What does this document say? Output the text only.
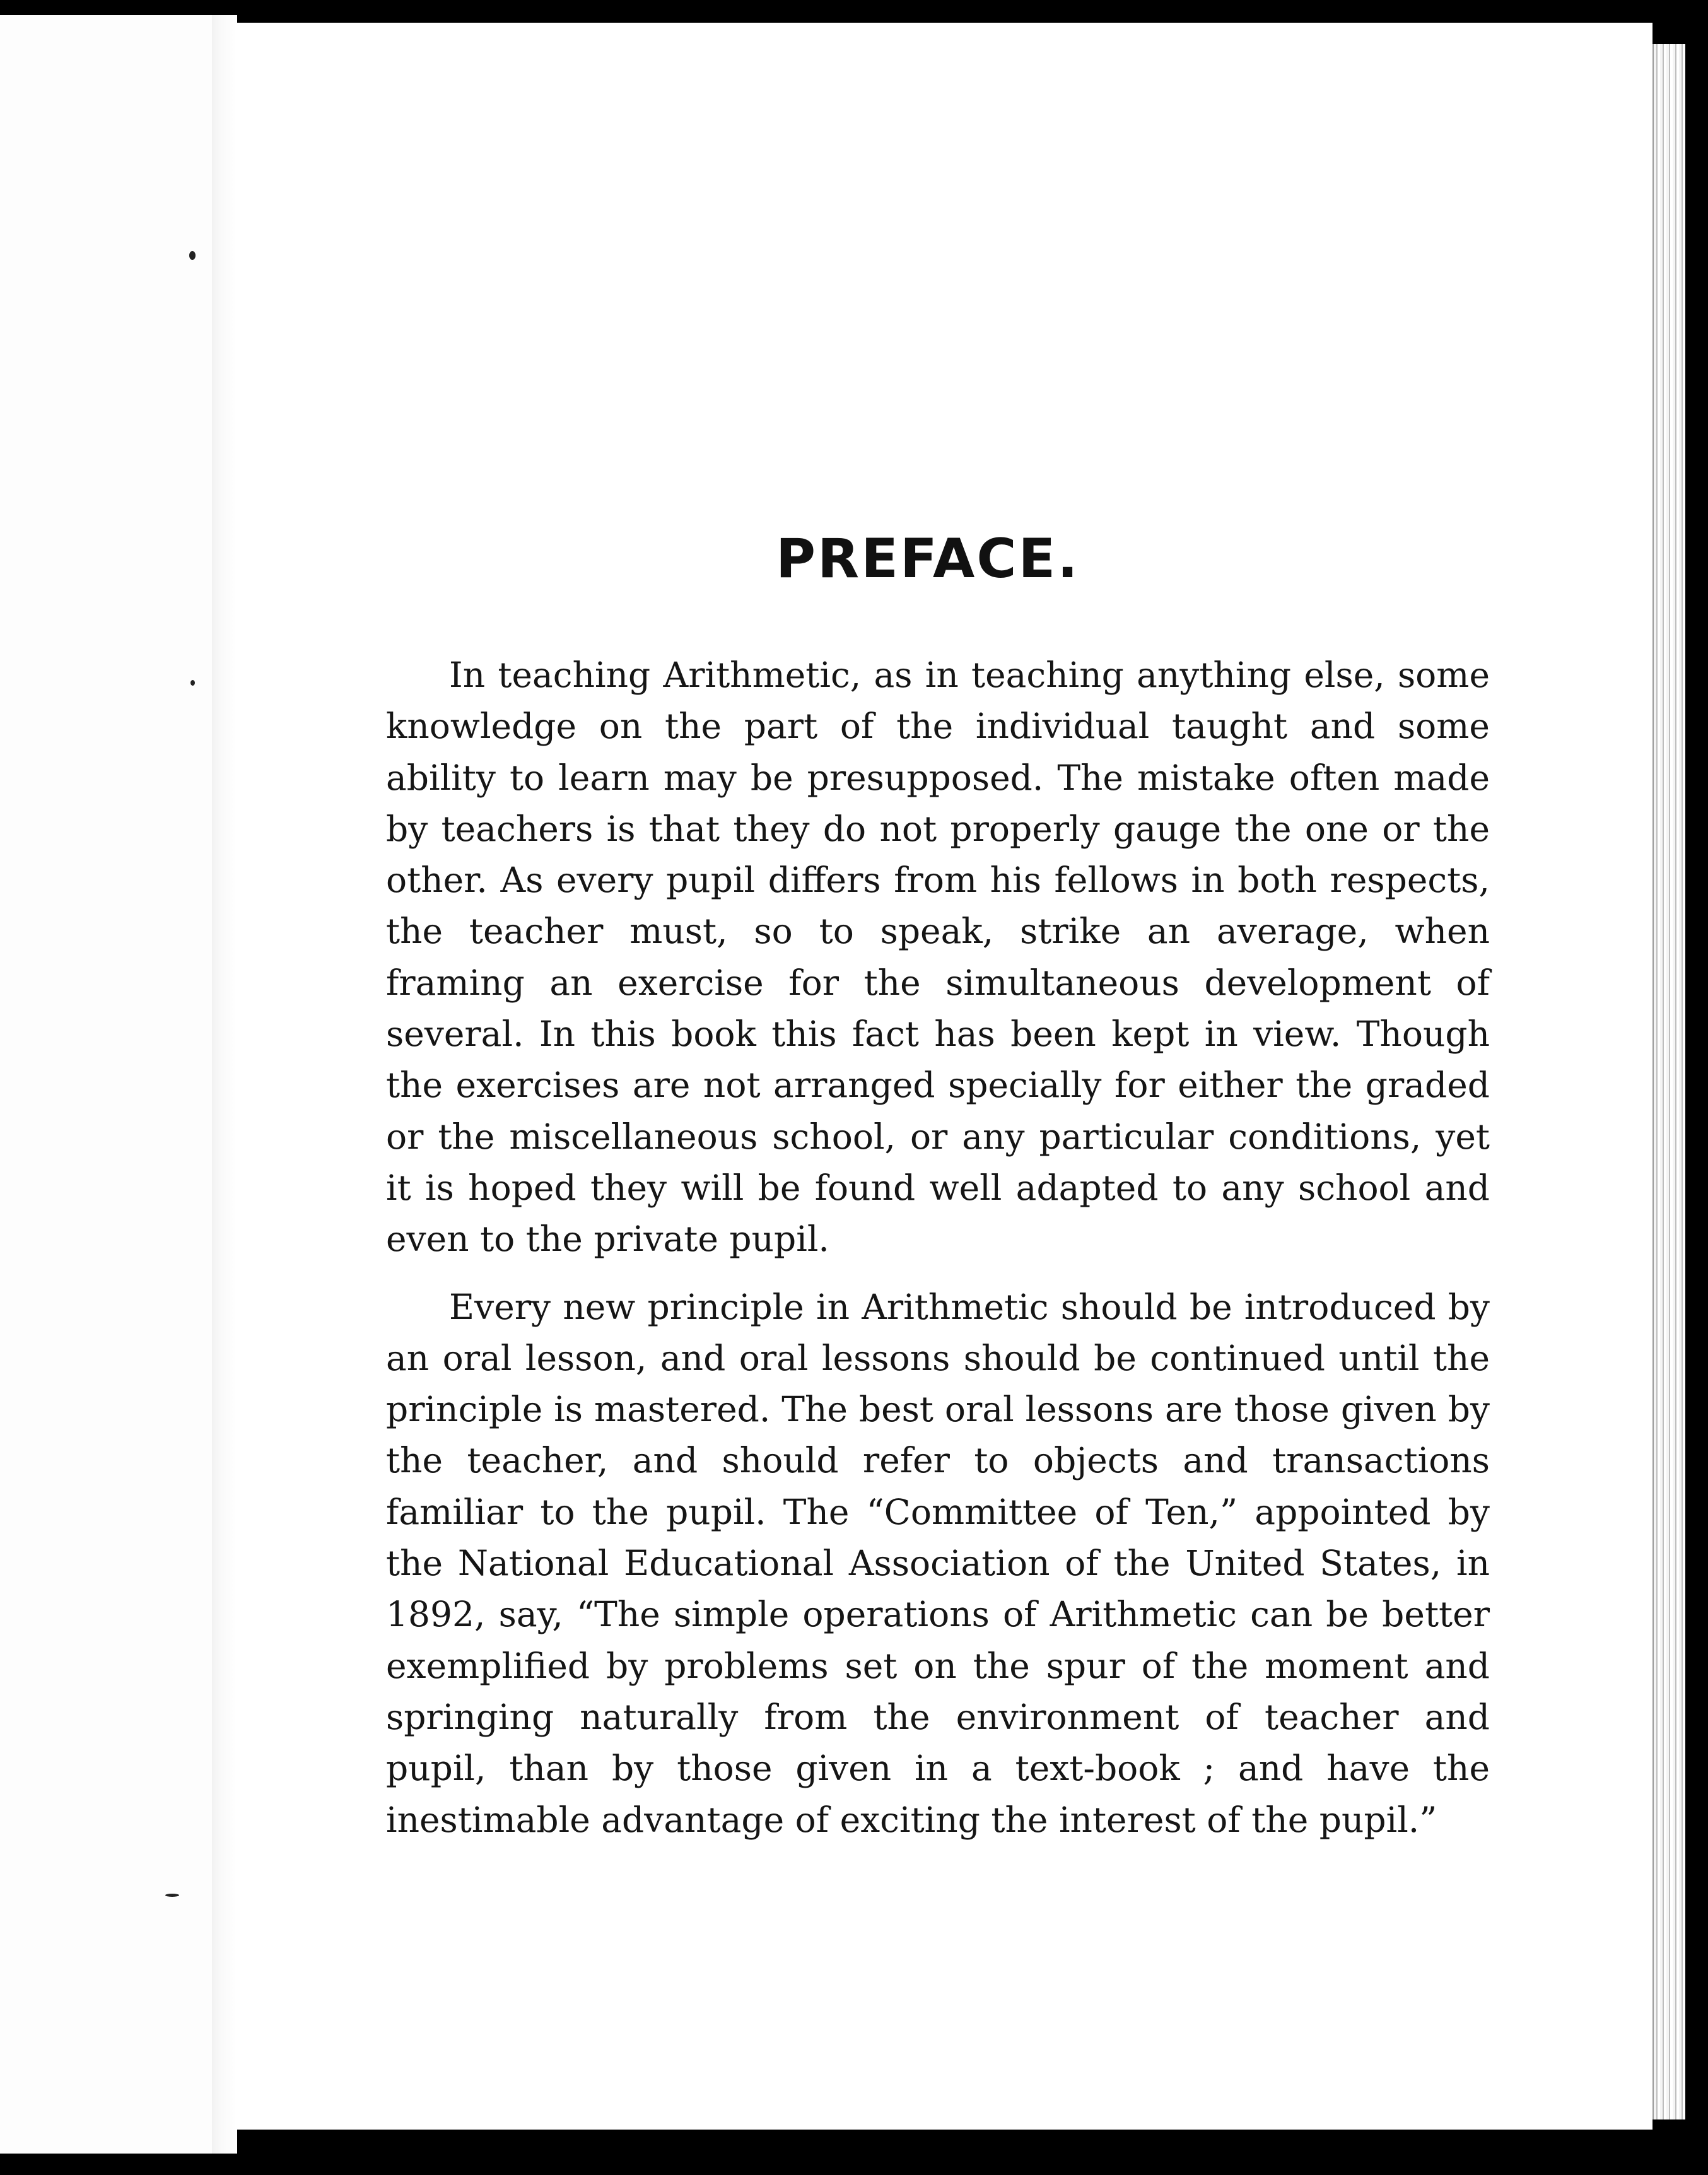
PREFACE.

In teaching Arithmetic, as in teaching anything else, some knowledge on the part of the individual taught and some ability to learn may be presupposed. The mistake often made by teachers is that they do not properly gauge the one or the other. As every pupil differs from his fellows in both respects, the teacher must, so to speak, strike an average, when framing an exercise for the simultaneous development of several. In this book this fact has been kept in view. Though the exercises are not arranged specially for either the graded or the miscellaneous school, or any particular conditions, yet it is hoped they will be found well adapted to any school and even to the private pupil.

Every new principle in Arithmetic should be introduced by an oral lesson, and oral lessons should be continued until the principle is mastered. The best oral lessons are those given by the teacher, and should refer to objects and transactions familiar to the pupil. The “Committee of Ten,” appointed by the National Educational Association of the United States, in 1892, say, “The simple operations of Arithmetic can be better exemplified by problems set on the spur of the moment and springing naturally from the environment of teacher and pupil, than by those given in a text-book ; and have the inestimable advantage of exciting the interest of the pupil.”
